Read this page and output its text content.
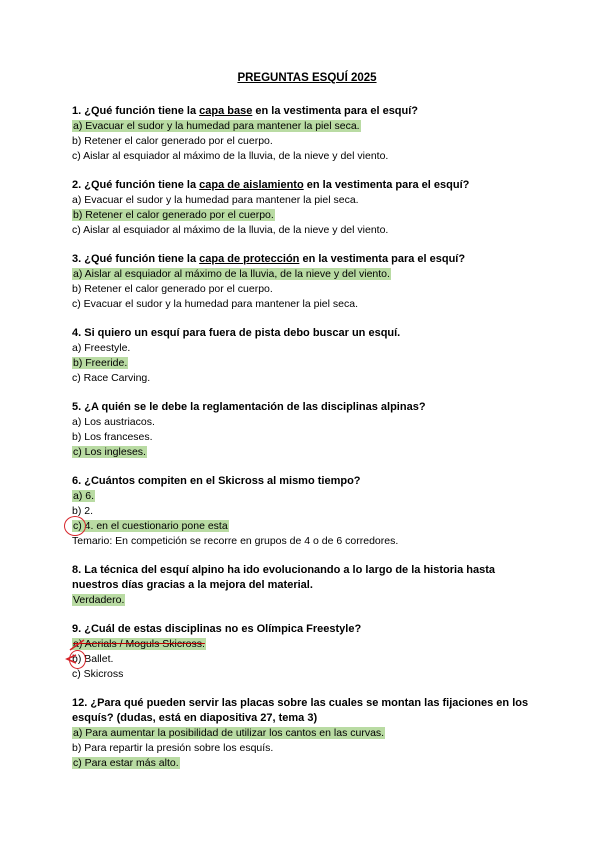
PREGUNTAS ESQUÍ 2025
1. ¿Qué función tiene la capa base en la vestimenta para el esquí?
a) Evacuar el sudor y la humedad para mantener la piel seca.
b) Retener el calor generado por el cuerpo.
c) Aislar al esquiador al máximo de la lluvia, de la nieve y del viento.
2. ¿Qué función tiene la capa de aislamiento en la vestimenta para el esquí?
a) Evacuar el sudor y la humedad para mantener la piel seca.
b) Retener el calor generado por el cuerpo.
c) Aislar al esquiador al máximo de la lluvia, de la nieve y del viento.
3. ¿Qué función tiene la capa de protección en la vestimenta para el esquí?
a) Aislar al esquiador al máximo de la lluvia, de la nieve y del viento.
b) Retener el calor generado por el cuerpo.
c) Evacuar el sudor y la humedad para mantener la piel seca.
4. Si quiero un esquí para fuera de pista debo buscar un esquí.
a) Freestyle.
b) Freeride.
c) Race Carving.
5. ¿A quién se le debe la reglamentación de las disciplinas alpinas?
a) Los austriacos.
b) Los franceses.
c) Los ingleses.
6. ¿Cuántos compiten en el Skicross al mismo tiempo?
a) 6.
b) 2.
c) 4. en el cuestionario pone esta
Temario: En competición se recorre en grupos de 4 o de 6 corredores.
8. La técnica del esquí alpino ha ido evolucionando a lo largo de la historia hasta nuestros días gracias a la mejora del material.
Verdadero.
9. ¿Cuál de estas disciplinas no es Olímpica Freestyle?
a) Aerials / Moguls Skicross.
b) Ballet.
c) Skicross
12. ¿Para qué pueden servir las placas sobre las cuales se montan las fijaciones en los esquís? (dudas, está en diapositiva 27, tema 3)
a) Para aumentar la posibilidad de utilizar los cantos en las curvas.
b) Para repartir la presión sobre los esquís.
c) Para estar más alto.
